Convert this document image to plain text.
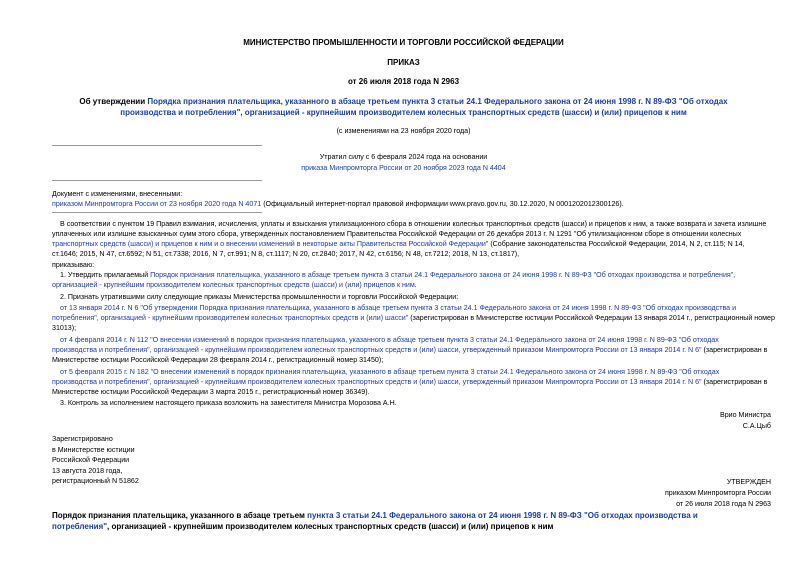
МИНИСТЕРСТВО ПРОМЫШЛЕННОСТИ И ТОРГОВЛИ РОССИЙСКОЙ ФЕДЕРАЦИИ
ПРИКАЗ
от 26 июля 2018 года N 2963
Об утверждении Порядка признания плательщика, указанного в абзаце третьем пункта 3 статьи 24.1 Федерального закона от 24 июня 1998 г. N 89-ФЗ "Об отходах
производства и потребления", организацией - крупнейшим производителем колесных транспортных средств (шасси) и (или) прицепов к ним
(с изменениями на 23 ноября 2020 года)
Утратил силу с 6 февраля 2024 года на основании
приказа Минпромторга России от 20 ноября 2023 года N 4404
Документ с изменениями, внесенными:
приказом Минпромторга России от 23 ноября 2020 года N 4071 (Официальный интернет-портал правовой информации www.pravo.gov.ru, 30.12.2020, N 0001202012300126).
В соответствии с пунктом 19 Правил взимания, исчисления, уплаты и взыскания утилизационного сбора в отношении колесных транспортных средств (шасси) и прицепов к ним, а также возврата и зачета излишне
уплаченных или излишне взысканных сумм этого сбора, утвержденных постановлением Правительства Российской Федерации от 26 декабря 2013 г. N 1291 "Об утилизационном сборе в отношении колесных
транспортных средств (шасси) и прицепов к ним и о внесении изменений в некоторые акты Правительства Российской Федерации" (Собрание законодательства Российской Федерации, 2014, N 2, ст.115; N 14,
ст.1646; 2015, N 47, ст.6592; N 51, ст.7338; 2016, N 7, ст.991; N 8, ст.1117; N 20, ст.2840; 2017, N 42, ст.6156; N 48, ст.7212; 2018, N 13, ст.1817),
приказываю:
1. Утвердить прилагаемый Порядок признания плательщика, указанного в абзаце третьем пункта 3 статьи 24.1 Федерального закона от 24 июня 1998 г. N 89-ФЗ "Об отходах производства и потребления",
организацией - крупнейшим производителем колесных транспортных средств (шасси) и (или) прицепов к ним.
2. Признать утратившими силу следующие приказы Министерства промышленности и торговли Российской Федерации:
от 13 января 2014 г. N 6 "Об утверждении Порядка признания плательщика, указанного в абзаце третьем пункта 3 статьи 24.1 Федерального закона от 24 июня 1998 г. N 89-ФЗ "Об отходах производства и
потребления", организацией - крупнейшим производителем колесных транспортных средств и (или) шасси" (зарегистрирован в Министерстве юстиции Российской Федерации 13 января 2014 г., регистрационный номер
31013);
от 4 февраля 2014 г. N 112 "О внесении изменений в порядок признания плательщика, указанного в абзаце третьем пункта 3 статьи 24.1 Федерального закона от 24 июня 1998 г. N 89-ФЗ "Об отходах
производства и потребления", организацией - крупнейшим производителем колесных транспортных средств и (или) шасси, утвержденный приказом Минпромторга России от 13 января 2014 г. N 6" (зарегистрирован в
Министерстве юстиции Российской Федерации 28 февраля 2014 г., регистрационный номер 31450);
от 5 февраля 2015 г. N 182 "О внесении изменений в порядок признания плательщика, указанного в абзаце третьем пункта 3 статьи 24.1 Федерального закона от 24 июня 1998 г. N 89-ФЗ "Об отходах
производства и потребления", организацией - крупнейшим производителем колесных транспортных средств и (или) шасси, утвержденный приказом Минпромторга России от 13 января 2014 г. N 6" (зарегистрирован в
Министерстве юстиции Российской Федерации 3 марта 2015 г., регистрационный номер 36349).
3. Контроль за исполнением настоящего приказа возложить на заместителя Министра Морозова А.Н.
Врио Министра
С.А.Цыб
Зарегистрировано
в Министерстве юстиции
Российской Федерации
13 августа 2018 года,
регистрационный N 51862	УТВЕРЖДЕН
приказом Минпромторга России
от 26 июля 2018 года N 2963
Порядок признания плательщика, указанного в абзаце третьем пункта 3 статьи 24.1 Федерального закона от 24 июня 1998 г. N 89-ФЗ "Об отходах производства и
потребления", организацией - крупнейшим производителем колесных транспортных средств (шасси) и (или) прицепов к ним
